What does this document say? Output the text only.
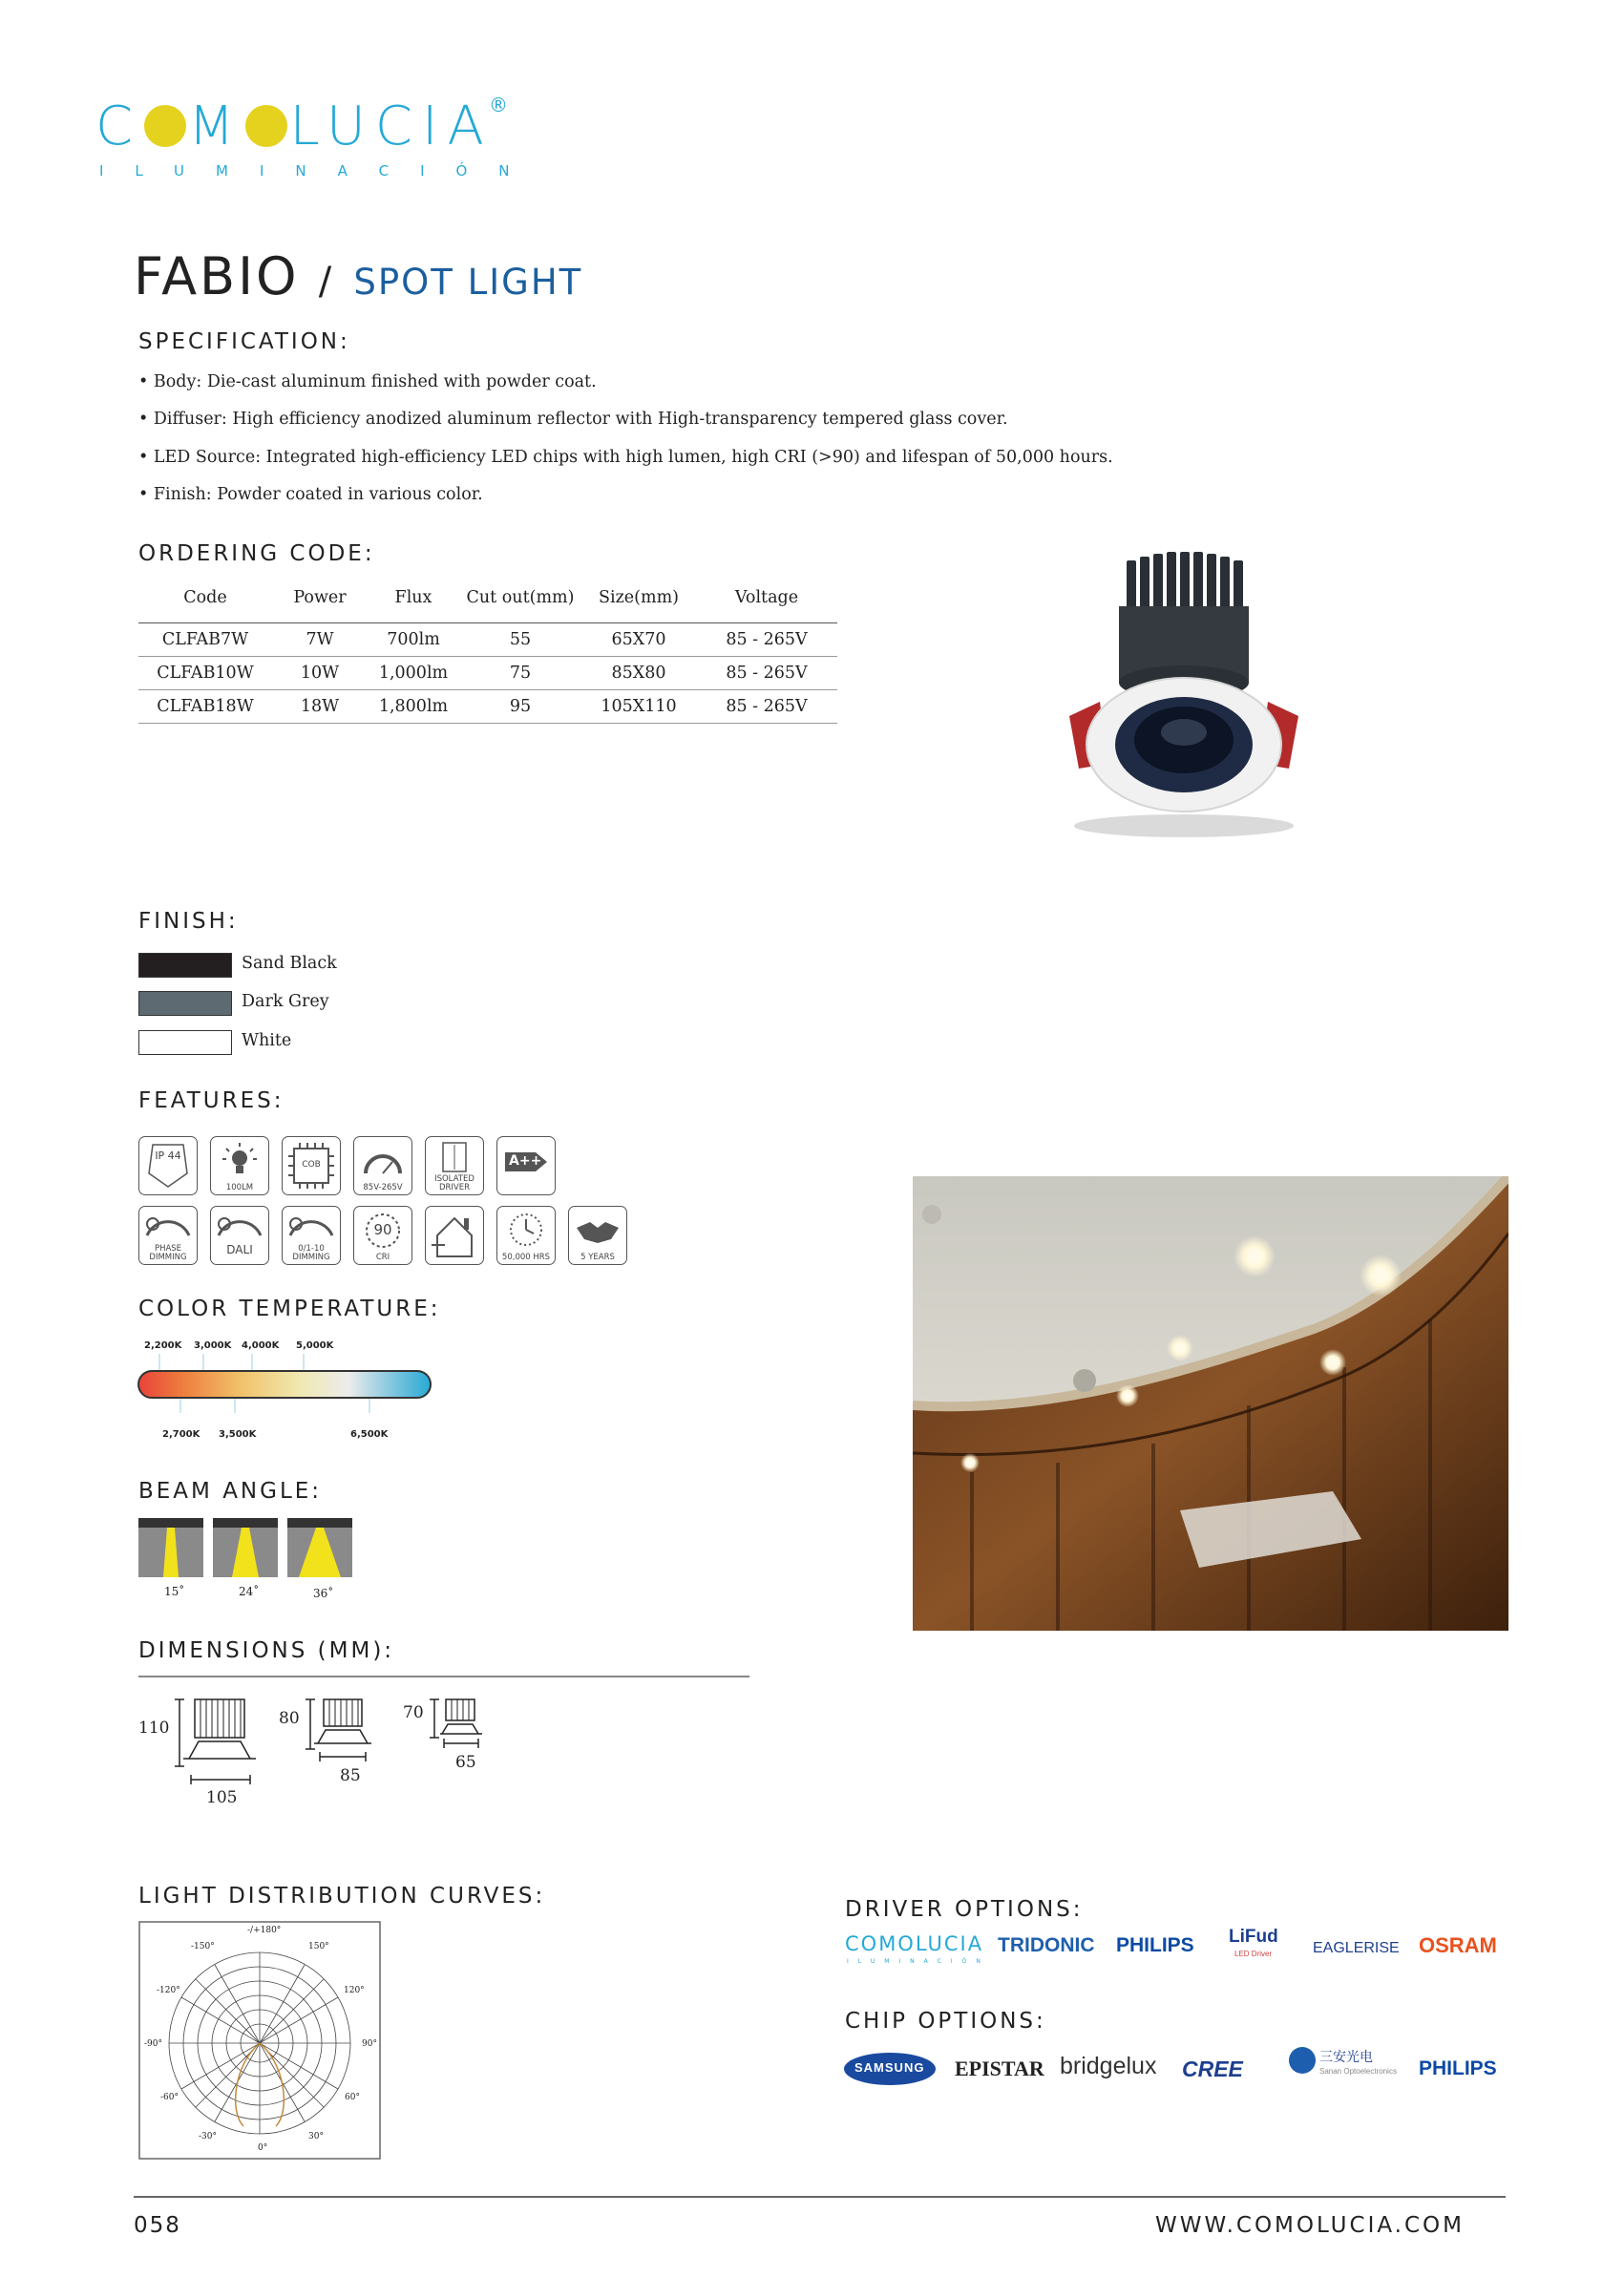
C M LUCIA
®
ILUMINACIÓN
FABIO / SPOT LIGHT
SPECIFICATION:
• Body: Die-cast aluminum finished with powder coat.
• Diffuser: High efficiency anodized aluminum reflector with High-transparency tempered glass cover.
• LED Source: Integrated high-efficiency LED chips with high lumen, high CRI (>90) and lifespan of 50,000 hours.
• Finish: Powder coated in various color.
ORDERING CODE:
Code	Power	Flux	Cut out(mm)	Size(mm)	Voltage
CLFAB7W	7W	700lm	55	65X70	85 - 265V
CLFAB10W	10W	1,000lm	75	85X80	85 - 265V
CLFAB18W	18W	1,800lm	95	105X110	85 - 265V
FINISH:
Sand Black
Dark Grey
White
FEATURES:
IP 44
100LM
COB
85V-265V
ISOLATED DRIVER
A++
PHASE DIMMING
DALI	0/1-10 DIMMING
90
CRI	50,000 HRS	5 YEARS
COLOR TEMPERATURE:
2,200K 3,000K 4,000K 5,000K
2,700K 3,500K	6,500K
BEAM ANGLE:
15˚	24˚	36˚
DIMENSIONS (MM):
110
105
80
85
70
65
LIGHT DISTRIBUTION CURVES:
-/+180°
-150°	150°
-120°	120°
-90°	90°
-60°	60°
-30°	30°
0°
DRIVER OPTIONS:
COMOLUCIA
ILUMINACIÓN
TRIDONIC PHILIPS LiFud
LED Driver	EAGLERISE OSRAM
CHIP OPTIONS:
SAMSUNG EPISTAR bridgelux CREE	三安光电
Sanan Optoelectronics PHILIPS
058	WWW.COMOLUCIA.COM
